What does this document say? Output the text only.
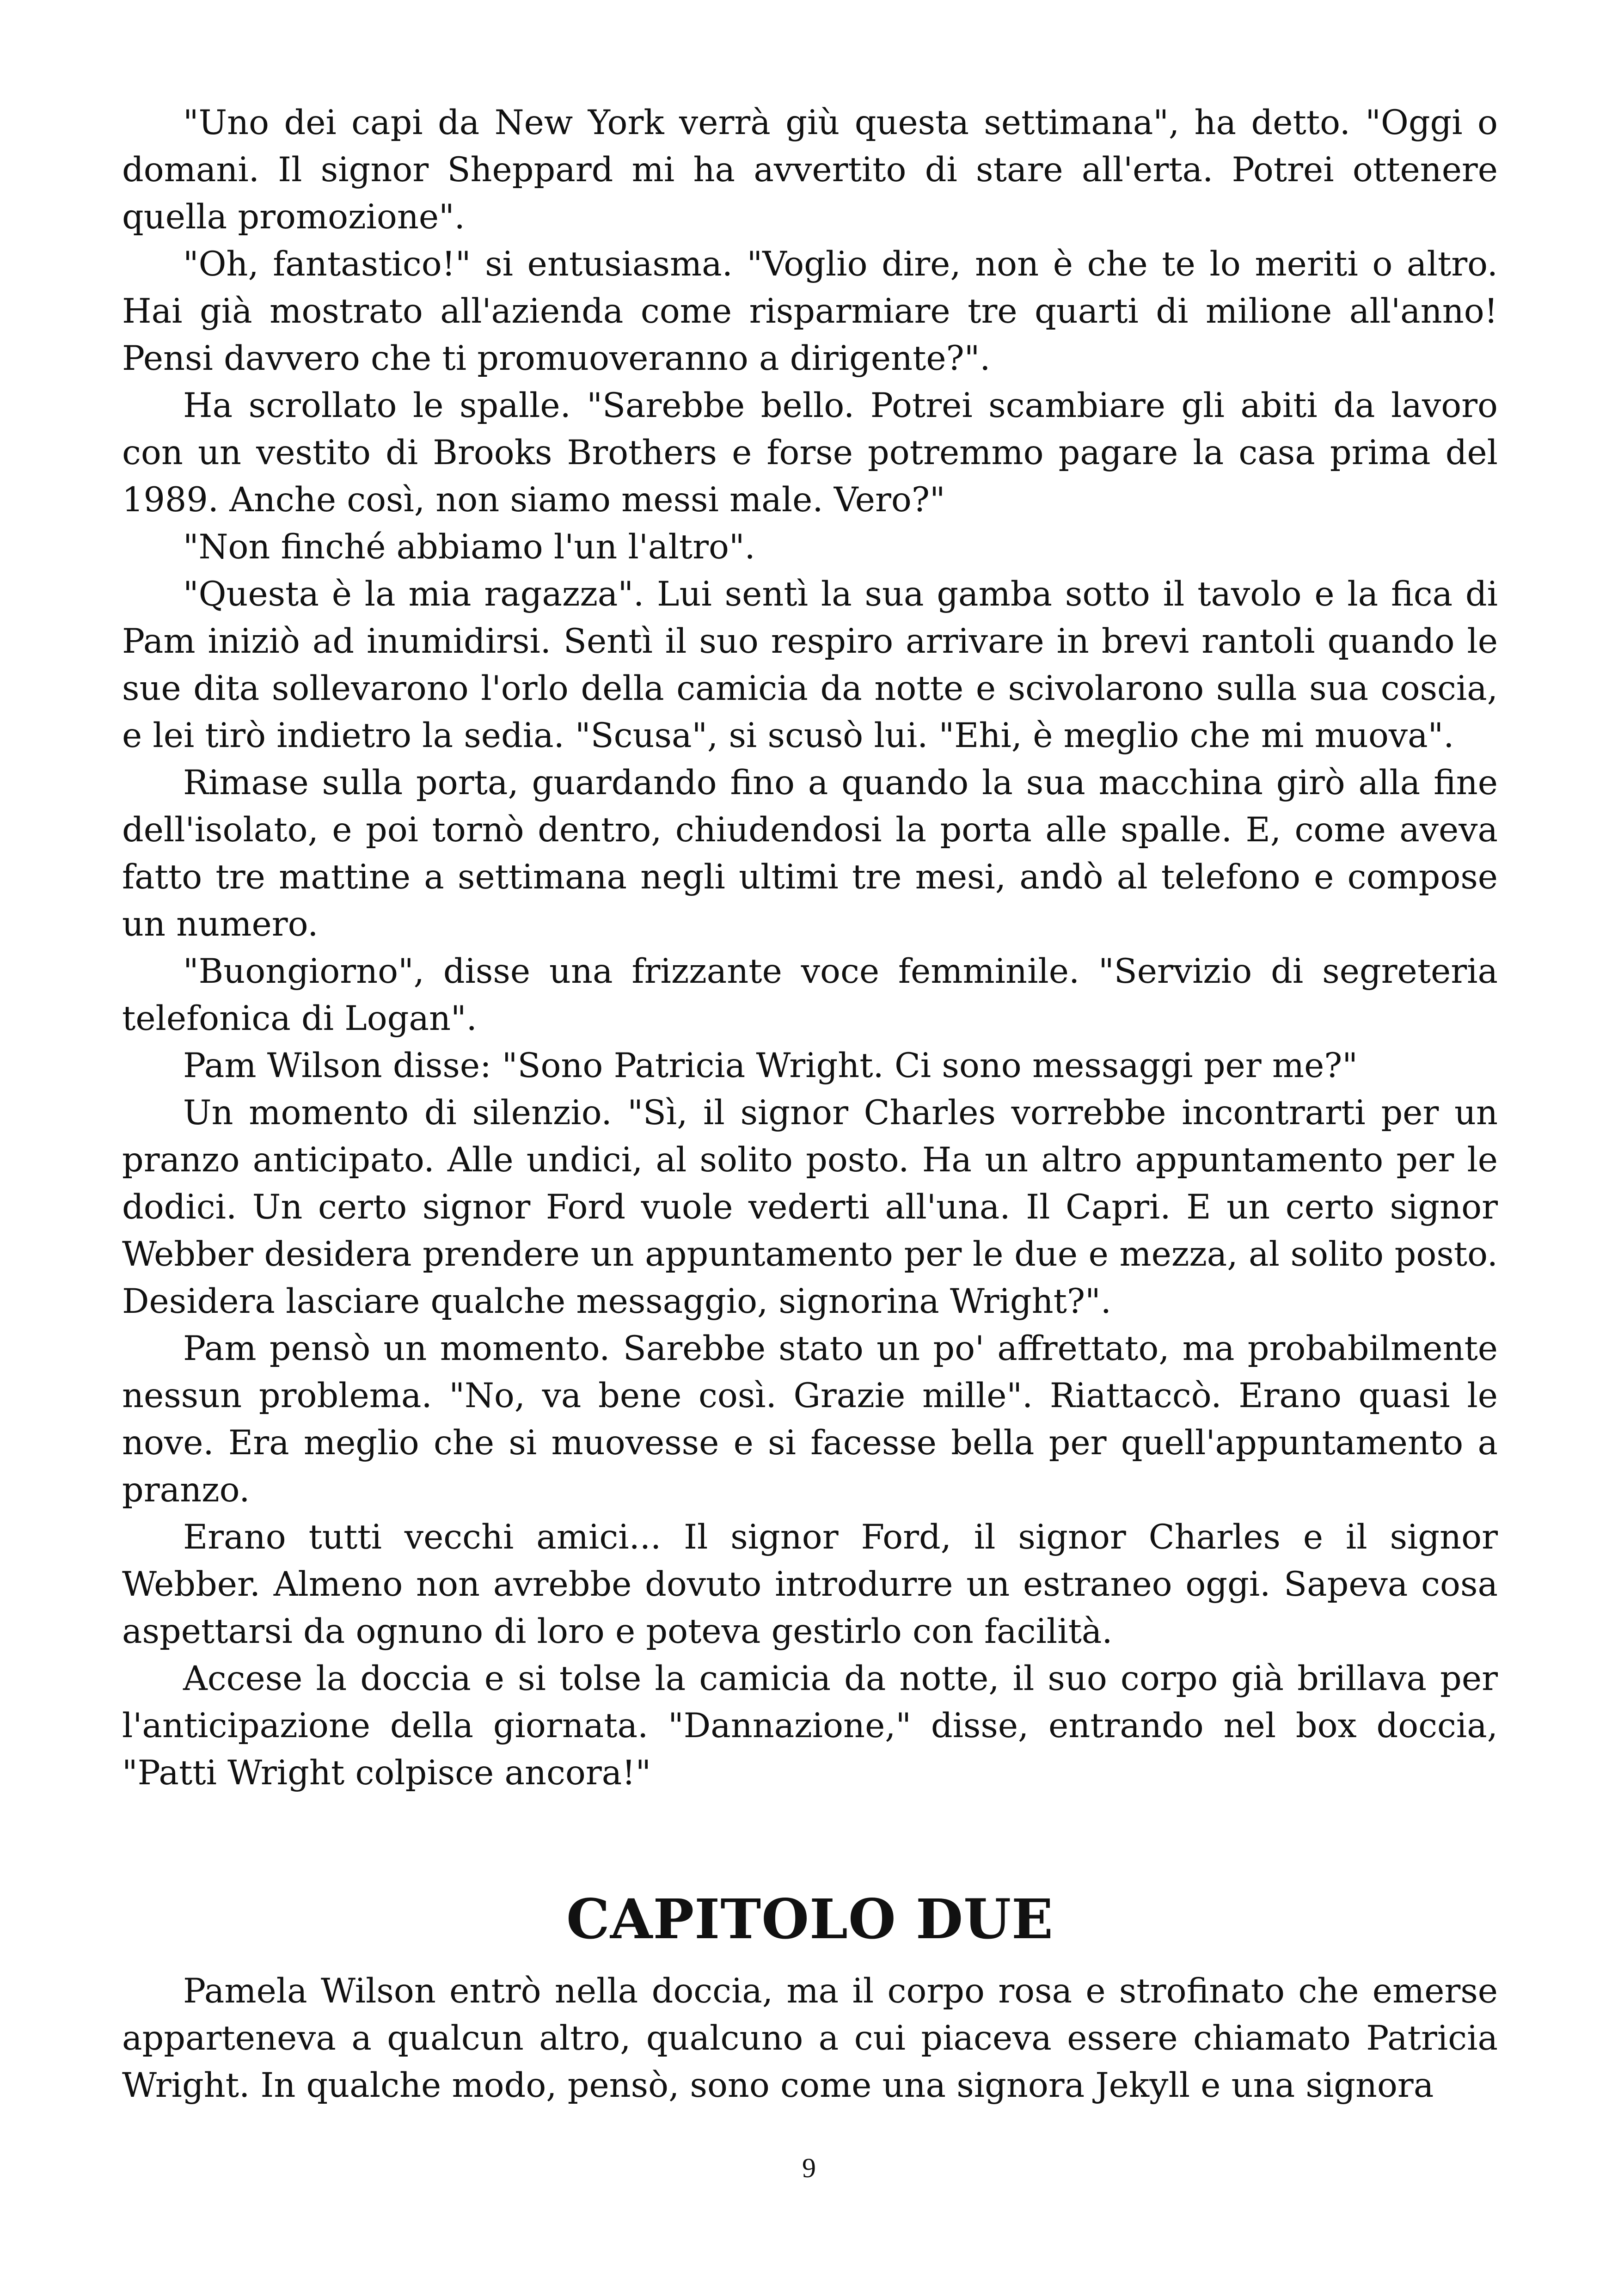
"Uno dei capi da New York verrà giù questa settimana", ha detto. "Oggi o domani. Il signor Sheppard mi ha avvertito di stare all'erta. Potrei ottenere quella promozione".

"Oh, fantastico!" si entusiasma. "Voglio dire, non è che te lo meriti o altro. Hai già mostrato all'azienda come risparmiare tre quarti di milione all'anno! Pensi davvero che ti promuoveranno a dirigente?".

Ha scrollato le spalle. "Sarebbe bello. Potrei scambiare gli abiti da lavoro con un vestito di Brooks Brothers e forse potremmo pagare la casa prima del 1989. Anche così, non siamo messi male. Vero?"

"Non finché abbiamo l'un l'altro".

"Questa è la mia ragazza". Lui sentì la sua gamba sotto il tavolo e la fica di Pam iniziò ad inumidirsi. Sentì il suo respiro arrivare in brevi rantoli quando le sue dita sollevarono l'orlo della camicia da notte e scivolarono sulla sua coscia, e lei tirò indietro la sedia. "Scusa", si scusò lui. "Ehi, è meglio che mi muova".

Rimase sulla porta, guardando fino a quando la sua macchina girò alla fine dell'isolato, e poi tornò dentro, chiudendosi la porta alle spalle. E, come aveva fatto tre mattine a settimana negli ultimi tre mesi, andò al telefono e compose un numero.

"Buongiorno", disse una frizzante voce femminile. "Servizio di segreteria telefonica di Logan".

Pam Wilson disse: "Sono Patricia Wright. Ci sono messaggi per me?"

Un momento di silenzio. "Sì, il signor Charles vorrebbe incontrarti per un pranzo anticipato. Alle undici, al solito posto. Ha un altro appuntamento per le dodici. Un certo signor Ford vuole vederti all'una. Il Capri. E un certo signor Webber desidera prendere un appuntamento per le due e mezza, al solito posto. Desidera lasciare qualche messaggio, signorina Wright?".

Pam pensò un momento. Sarebbe stato un po' affrettato, ma probabilmente nessun problema. "No, va bene così. Grazie mille". Riattaccò. Erano quasi le nove. Era meglio che si muovesse e si facesse bella per quell'appuntamento a pranzo.

Erano tutti vecchi amici... Il signor Ford, il signor Charles e il signor Webber. Almeno non avrebbe dovuto introdurre un estraneo oggi. Sapeva cosa aspettarsi da ognuno di loro e poteva gestirlo con facilità.

Accese la doccia e si tolse la camicia da notte, il suo corpo già brillava per l'anticipazione della giornata. "Dannazione," disse, entrando nel box doccia, "Patti Wright colpisce ancora!"

CAPITOLO DUE

Pamela Wilson entrò nella doccia, ma il corpo rosa e strofinato che emerse apparteneva a qualcun altro, qualcuno a cui piaceva essere chiamato Patricia Wright. In qualche modo, pensò, sono come una signora Jekyll e una signora

9
